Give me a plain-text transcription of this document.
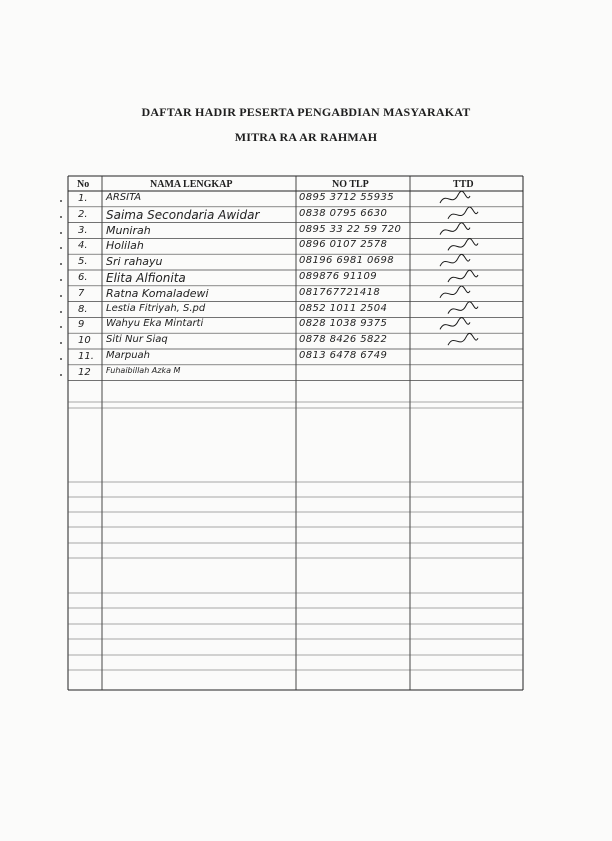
DAFTAR HADIR PESERTA PENGABDIAN MASYARAKAT
MITRA RA AR RAHMAH
No	NAMA LENGKAP	NO TLP	TTD
1. ARSITA	0895 3712 55935
2. Saima Secondaria Awidar	0838 0795 6630
3. Munirah	0895 33 22 59 720
4. Holilah	0896 0107 2578
5. Sri rahayu	08196 6981 0698
6. Elita Alfionita	089876 91109
7 Ratna Komaladewi	081767721418
8. Lestia Fitriyah, S.pd	0852 1011 2504
9 Wahyu Eka Mintarti	0828 1038 9375
10 Siti Nur Siaq	0878 8426 5822
11. Marpuah	0813 6478 6749
12 Fuhaibillah Azka M
